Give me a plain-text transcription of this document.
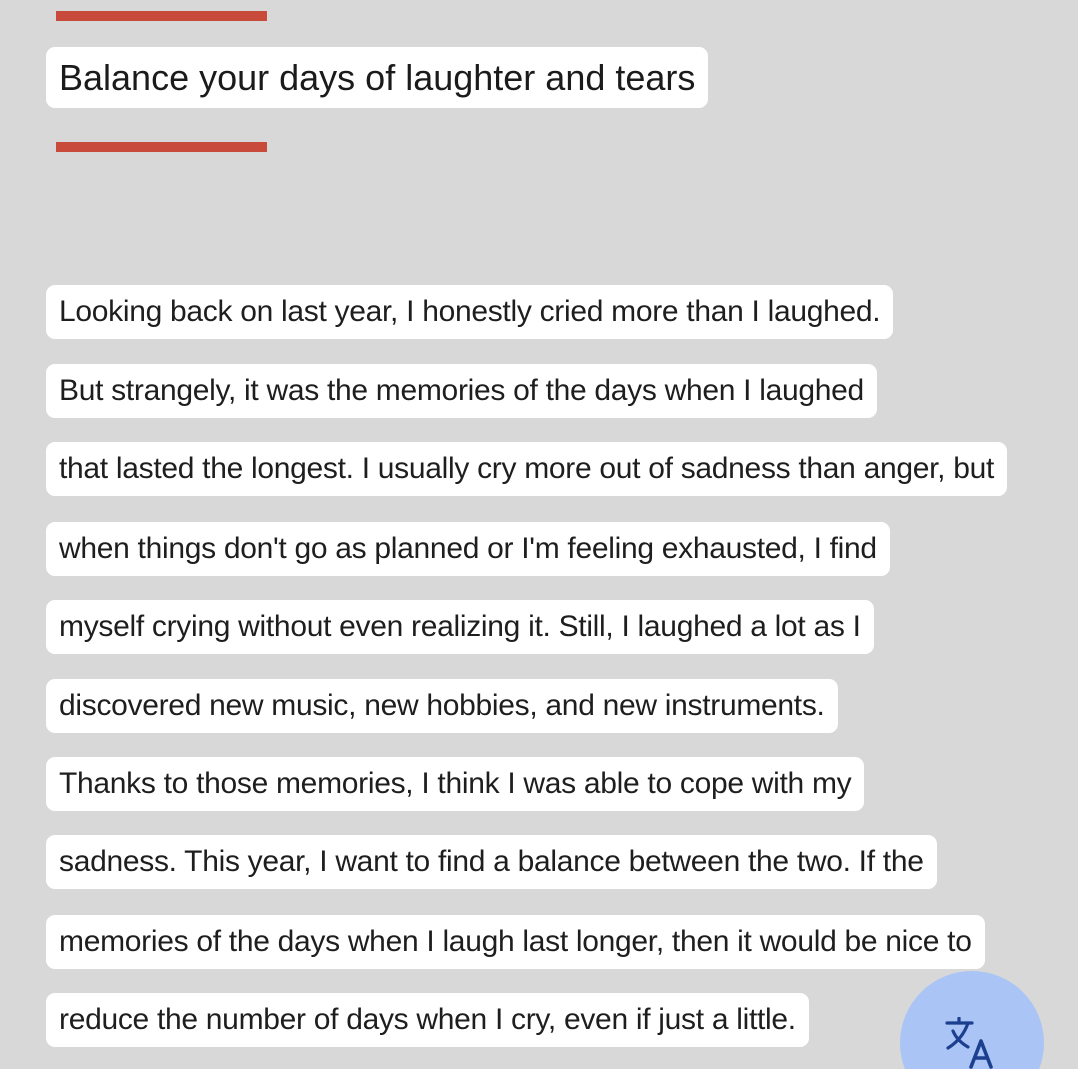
Balance your days of laughter and tears
Looking back on last year, I honestly cried more than I laughed.
But strangely, it was the memories of the days when I laughed
that lasted the longest. I usually cry more out of sadness than anger, but
when things don't go as planned or I'm feeling exhausted, I find
myself crying without even realizing it. Still, I laughed a lot as I
discovered new music, new hobbies, and new instruments.
Thanks to those memories, I think I was able to cope with my
sadness. This year, I want to find a balance between the two. If the
memories of the days when I laugh last longer, then it would be nice to
reduce the number of days when I cry, even if just a little.
